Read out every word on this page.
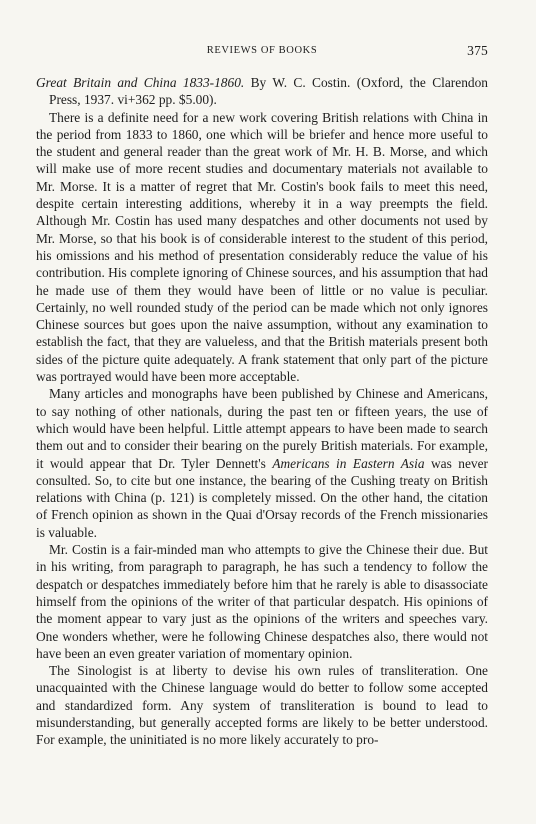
REVIEWS OF BOOKS	375
Great Britain and China 1833-1860. By W. C. Costin. (Oxford, the Clarendon Press, 1937. vi+362 pp. $5.00).

There is a definite need for a new work covering British relations with China in the period from 1833 to 1860, one which will be briefer and hence more useful to the student and general reader than the great work of Mr. H. B. Morse, and which will make use of more recent studies and documentary materials not available to Mr. Morse. It is a matter of regret that Mr. Costin's book fails to meet this need, despite certain interesting additions, whereby it in a way preempts the field. Although Mr. Costin has used many despatches and other documents not used by Mr. Morse, so that his book is of considerable interest to the student of this period, his omissions and his method of presentation considerably reduce the value of his contribution. His complete ignoring of Chinese sources, and his assumption that had he made use of them they would have been of little or no value is peculiar. Certainly, no well rounded study of the period can be made which not only ignores Chinese sources but goes upon the naive assumption, without any examination to establish the fact, that they are valueless, and that the British materials present both sides of the picture quite adequately. A frank statement that only part of the picture was portrayed would have been more acceptable.

Many articles and monographs have been published by Chinese and Americans, to say nothing of other nationals, during the past ten or fifteen years, the use of which would have been helpful. Little attempt appears to have been made to search them out and to consider their bearing on the purely British materials. For example, it would appear that Dr. Tyler Dennett's Americans in Eastern Asia was never consulted. So, to cite but one instance, the bearing of the Cushing treaty on British relations with China (p. 121) is completely missed. On the other hand, the citation of French opinion as shown in the Quai d'Orsay records of the French missionaries is valuable.

Mr. Costin is a fair-minded man who attempts to give the Chinese their due. But in his writing, from paragraph to paragraph, he has such a tendency to follow the despatch or despatches immediately before him that he rarely is able to disassociate himself from the opinions of the writer of that particular despatch. His opinions of the moment appear to vary just as the opinions of the writers and speeches vary. One wonders whether, were he following Chinese despatches also, there would not have been an even greater variation of momentary opinion.

The Sinologist is at liberty to devise his own rules of transliteration. One unacquainted with the Chinese language would do better to follow some accepted and standardized form. Any system of transliteration is bound to lead to misunderstanding, but generally accepted forms are likely to be better understood. For example, the uninitiated is no more likely accurately to pro-
